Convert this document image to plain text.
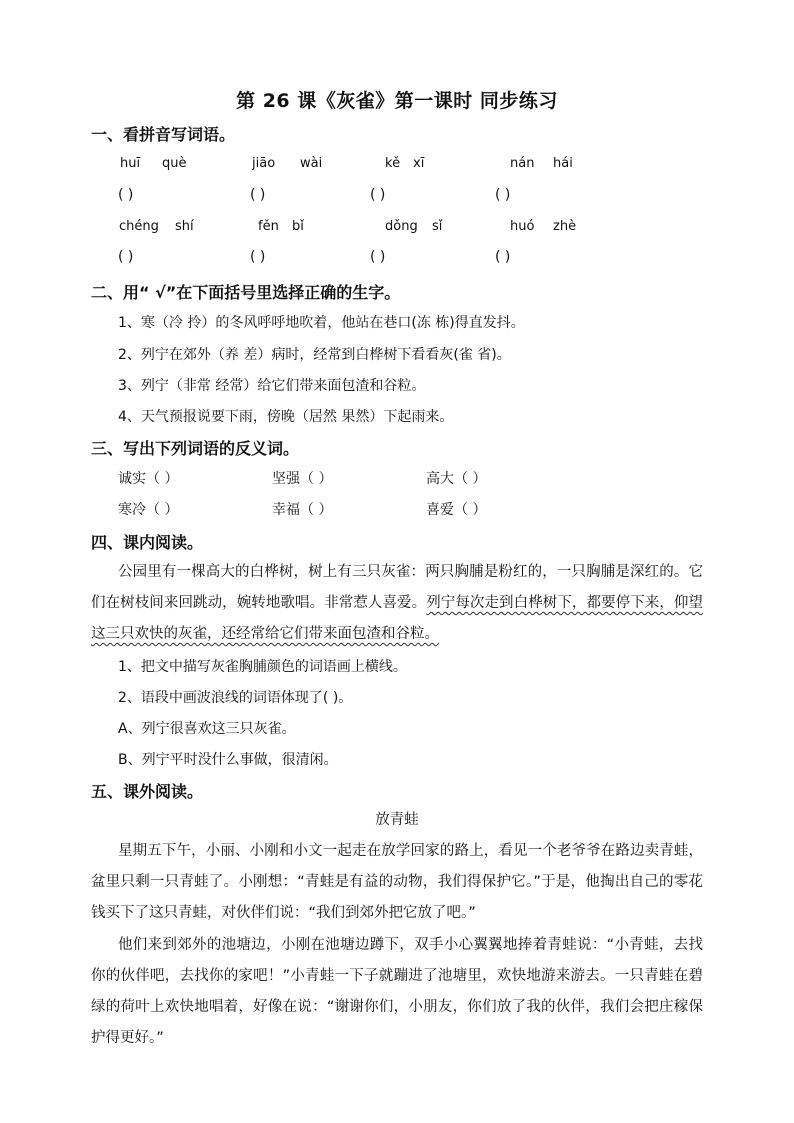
第 26 课《灰雀》第一课时 同步练习
一、看拼音写词语。
huī què	jiāo wài	kě xī	nán hái
( )	( )	( )	( )
chéng shí	fěn bǐ	dǒng sǐ	huó zhè
( )	( )	( )	( )
二、用“ √”在下面括号里选择正确的生字。
1、寒（冷 拎）的冬风呼呼地吹着，他站在巷口(冻 栋)得直发抖。
2、列宁在郊外（养 差）病时，经常到白桦树下看看灰(雀 省)。
3、列宁（非常 经常）给它们带来面包渣和谷粒。
4、天气预报说要下雨，傍晚（居然 果然）下起雨来。
三、写出下列词语的反义词。
诚实（ ）	坚强（ ）	高大（ ）
寒冷（ ）	幸福（ ）	喜爱（ ）
四、课内阅读。
公园里有一棵高大的白桦树，树上有三只灰雀：两只胸脯是粉红的，一只胸脯是深红的。它们在树枝间来回跳动，婉转地歌唱。非常惹人喜爱。列宁每次走到白桦树下，都要停下来，仰望这三只欢快的灰雀，还经常给它们带来面包渣和谷粒。
1、把文中描写灰雀胸脯颜色的词语画上横线。
2、语段中画波浪线的词语体现了( )。
A、列宁很喜欢这三只灰雀。
B、列宁平时没什么事做，很清闲。
五、课外阅读。
放青蛙
星期五下午，小丽、小刚和小文一起走在放学回家的路上，看见一个老爷爷在路边卖青蛙，盆里只剩一只青蛙了。小刚想：“青蛙是有益的动物，我们得保护它。”于是，他掏出自己的零花钱买下了这只青蛙，对伙伴们说：“我们到郊外把它放了吧。”
他们来到郊外的池塘边，小刚在池塘边蹲下，双手小心翼翼地捧着青蛙说：“小青蛙，去找你的伙伴吧，去找你的家吧！”小青蛙一下子就蹦进了池塘里，欢快地游来游去。一只青蛙在碧绿的荷叶上欢快地唱着，好像在说：“谢谢你们，小朋友，你们放了我的伙伴，我们会把庄稼保护得更好。”
